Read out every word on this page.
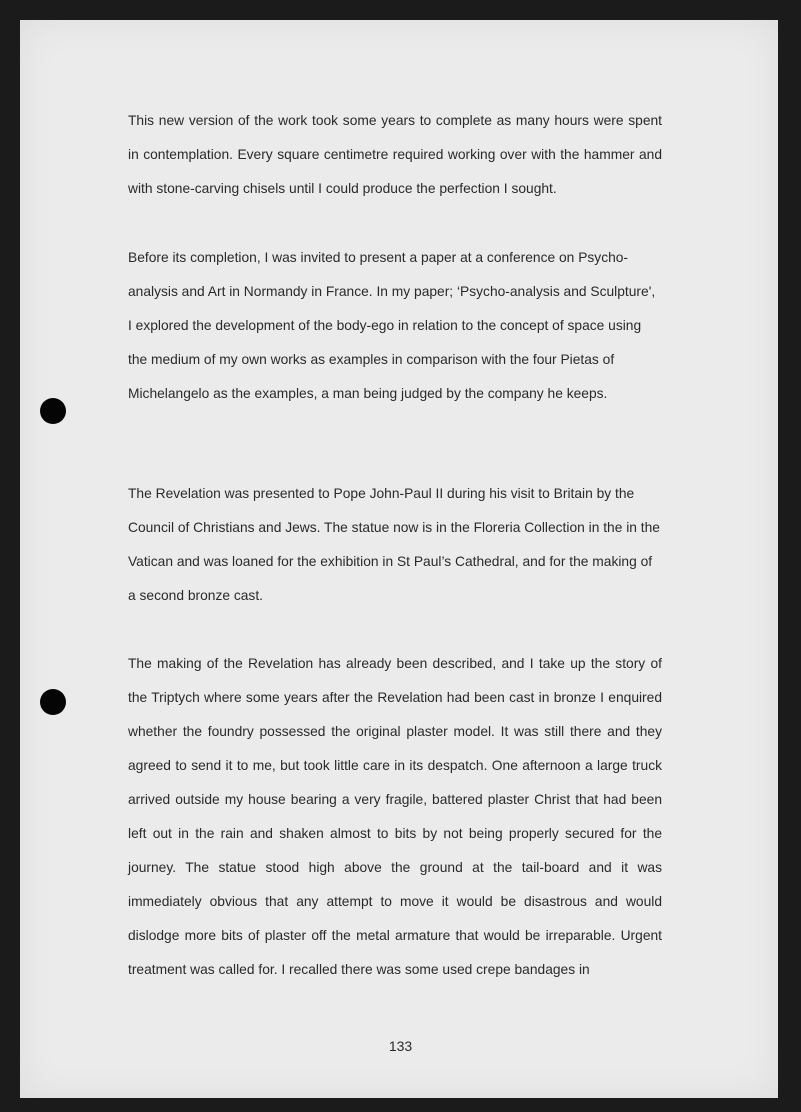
This new version of the work took some years to complete as many hours were spent in contemplation. Every square centimetre required working over with the hammer and with stone-carving chisels until I could produce the perfection I sought.

Before its completion, I was invited to present a paper at a conference on Psycho-analysis and Art in Normandy in France. In my paper; ‘Psycho-analysis and Sculpture', I explored the development of the body-ego in relation to the concept of space using the medium of my own works as examples in comparison with the four Pietas of Michelangelo as the examples, a man being judged by the company he keeps.

The Revelation was presented to Pope John-Paul II during his visit to Britain by the Council of Christians and Jews. The statue now is in the Floreria Collection in the in the Vatican and was loaned for the exhibition in St Paul’s Cathedral, and for the making of a second bronze cast.

The making of the Revelation has already been described, and I take up the story of the Triptych where some years after the Revelation had been cast in bronze I enquired whether the foundry possessed the original plaster model. It was still there and they agreed to send it to me, but took little care in its despatch. One afternoon a large truck arrived outside my house bearing a very fragile, battered plaster Christ that had been left out in the rain and shaken almost to bits by not being properly secured for the journey. The statue stood high above the ground at the tail-board and it was immediately obvious that any attempt to move it would be disastrous and would dislodge more bits of plaster off the metal armature that would be irreparable. Urgent treatment was called for. I recalled there was some used crepe bandages in

133
